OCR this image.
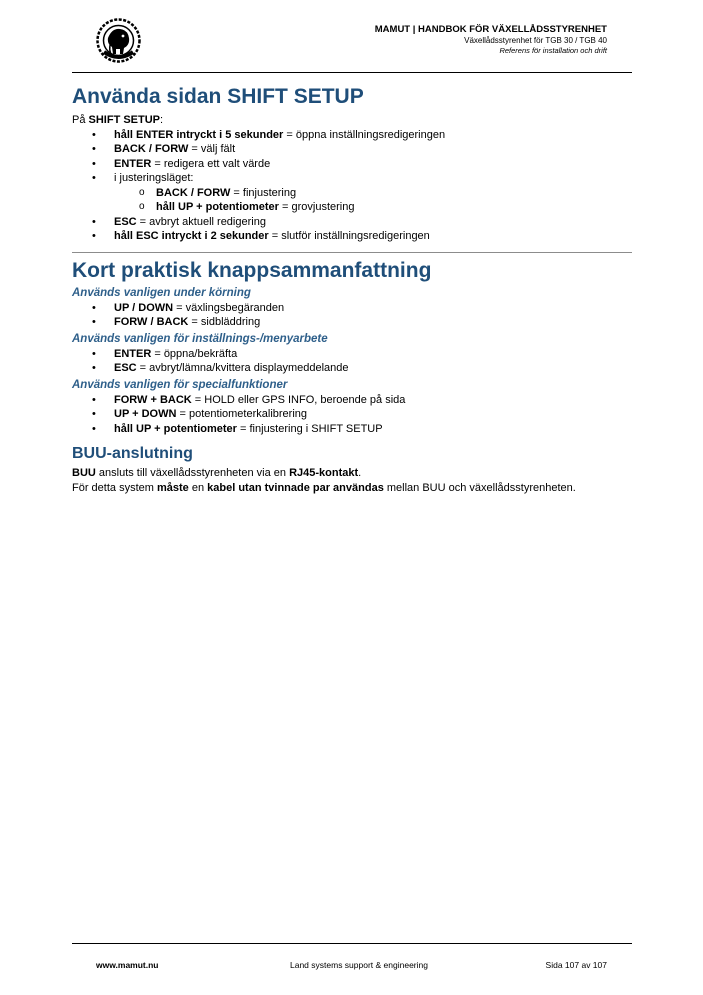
MAMUT | HANDBOK FÖR VÄXELLÅDSSTYRENHET
Växellådsstyrenhet för TGB 30 / TGB 40
Referens för installation och drift
Använda sidan SHIFT SETUP

På SHIFT SETUP:

• håll ENTER intryckt i 5 sekunder = öppna inställningsredigeringen
• BACK / FORW = välj fält
• ENTER = redigera ett valt värde
• i justeringsläget:
o BACK / FORW = finjustering
o håll UP + potentiometer = grovjustering
• ESC = avbryt aktuell redigering
• håll ESC intryckt i 2 sekunder = slutför inställningsredigeringen
Kort praktisk knappsammanfattning
Används vanligen under körning
• UP / DOWN = växlingsbegäranden
• FORW / BACK = sidbläddring
Används vanligen för inställnings-/menyarbete
• ENTER = öppna/bekräfta
• ESC = avbryt/lämna/kvittera displaymeddelande
Används vanligen för specialfunktioner
• FORW + BACK = HOLD eller GPS INFO, beroende på sida
• UP + DOWN = potentiometerkalibrering
• håll UP + potentiometer = finjustering i SHIFT SETUP
BUU-anslutning

BUU ansluts till växellådsstyrenheten via en RJ45-kontakt.

För detta system måste en kabel utan tvinnade par användas mellan BUU och växellådsstyrenheten.

www.mamut.nu	Land systems support & engineering	Sida 107 av 107
